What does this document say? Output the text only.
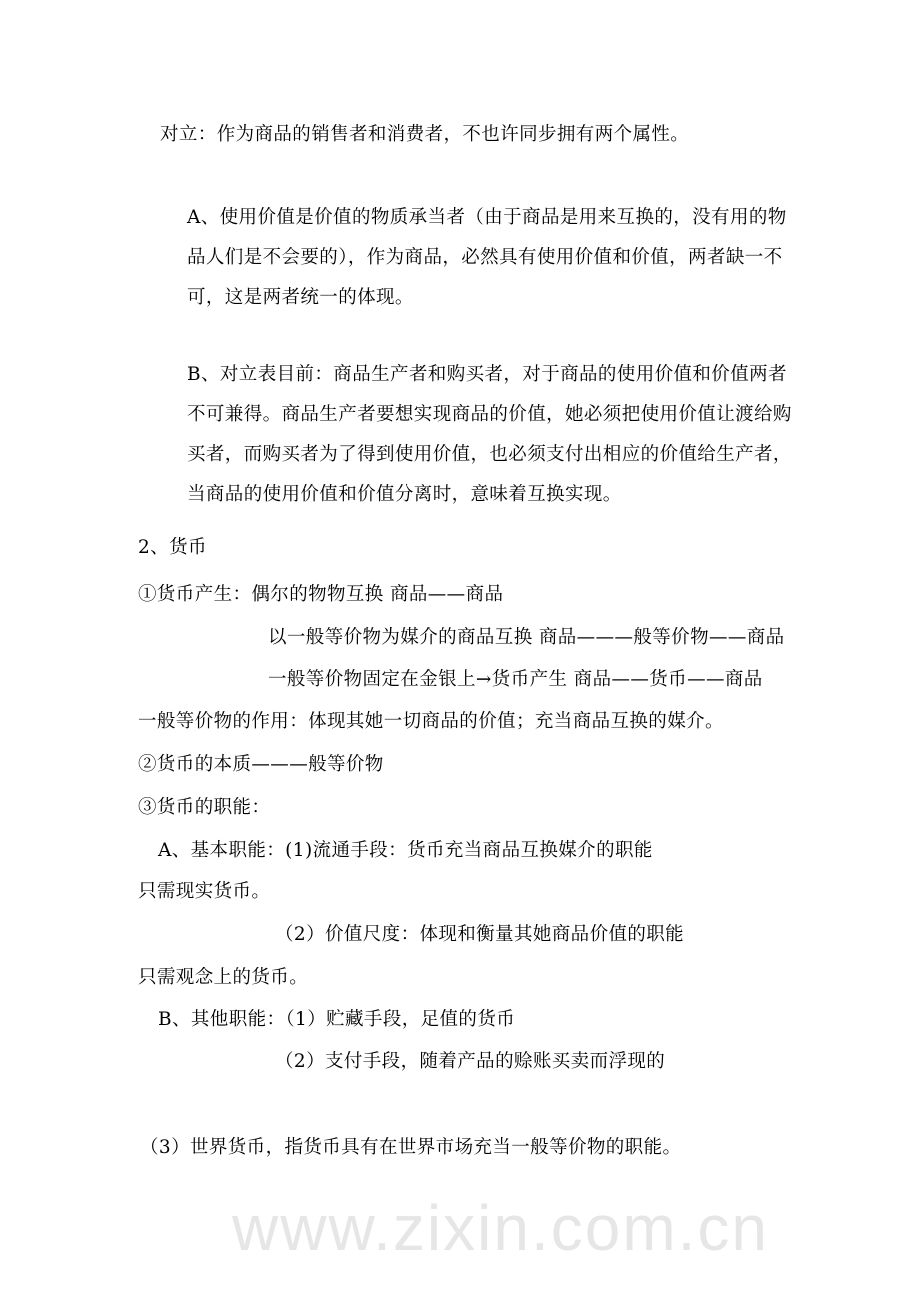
www.zixin.com.cn
对立：作为商品的销售者和消费者，不也许同步拥有两个属性。
A、使用价值是价值的物质承当者（由于商品是用来互换的，没有用的物
品人们是不会要的），作为商品，必然具有使用价值和价值，两者缺一不
可，这是两者统一的体现。
B、对立表目前：商品生产者和购买者，对于商品的使用价值和价值两者
不可兼得。商品生产者要想实现商品的价值，她必须把使用价值让渡给购
买者，而购买者为了得到使用价值，也必须支付出相应的价值给生产者，
当商品的使用价值和价值分离时，意味着互换实现。
2、货币
①货币产生：偶尔的物物互换 商品——商品
以一般等价物为媒介的商品互换 商品———般等价物——商品
一般等价物固定在金银上→货币产生 商品——货币——商品
一般等价物的作用：体现其她一切商品的价值；充当商品互换的媒介。
②货币的本质———般等价物
③货币的职能：
A、基本职能：(1)流通手段：货币充当商品互换媒介的职能
只需现实货币。
（2）价值尺度：体现和衡量其她商品价值的职能
只需观念上的货币。
B、其他职能：（1）贮藏手段，足值的货币
（2）支付手段，随着产品的赊账买卖而浮现的
（3）世界货币，指货币具有在世界市场充当一般等价物的职能。
